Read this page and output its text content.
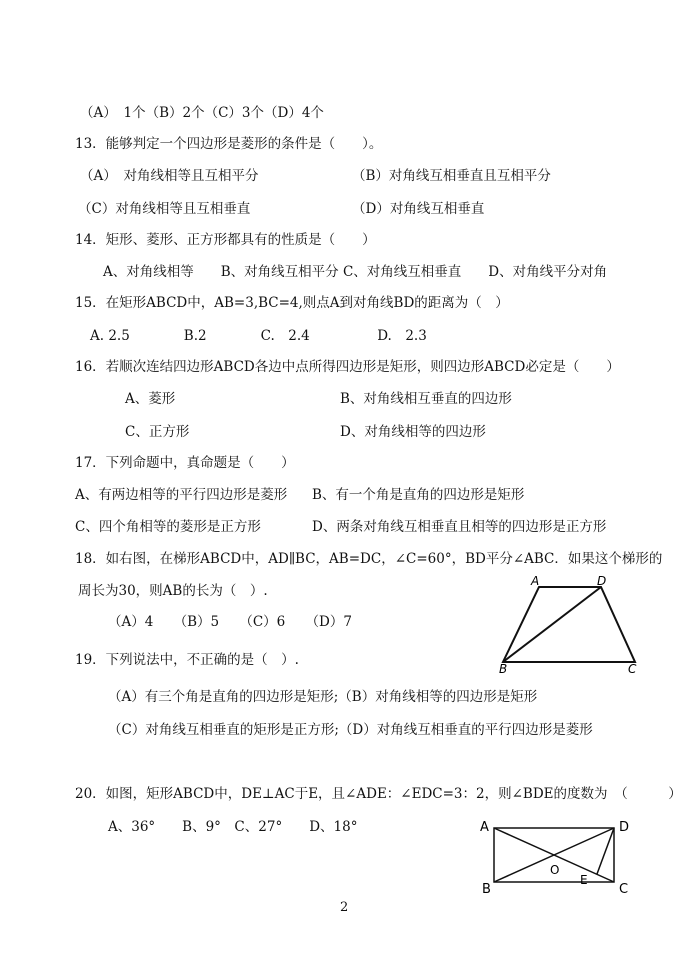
（A）　1个（B）2个（C）3个（D）4个
13．能够判定一个四边形是菱形的条件是（　　）。
（A）　对角线相等且互相平分	（B）对角线互相垂直且互相平分
（C）对角线相等且互相垂直	（D）对角线互相垂直
14．矩形、菱形、正方形都具有的性质是（　　）
A、对角线相等　　B、对角线互相平分 C、对角线互相垂直　　D、对角线平分对角
15．在矩形ABCD中，AB=3,BC=4,则点A到对角线BD的距离为（　）
A. 2.5　　　　B.2　　　　C.　2.4　　　　　D.　2.3
16．若顺次连结四边形ABCD各边中点所得四边形是矩形，则四边形ABCD必定是（　　）
A、菱形	B、对角线相互垂直的四边形
C、正方形	D、对角线相等的四边形
17．下列命题中，真命题是（　　）
A、有两边相等的平行四边形是菱形 B、有一个角是直角的四边形是矩形
C、四个角相等的菱形是正方形	D、两条对角线互相垂直且相等的四边形是正方形
18．如右图，在梯形ABCD中，AD∥BC，AB=DC，∠C=60°，BD平分∠ABC．如果这个梯形的
周长为30，则AB的长为（　）.
（A）4　　（B）5　　（C）6　　（D）7
A	D
B	C
19．下列说法中，不正确的是（　）.
（A）有三个角是直角的四边形是矩形;（B）对角线相等的四边形是矩形
（C）对角线互相垂直的矩形是正方形;（D）对角线互相垂直的平行四边形是菱形
20．如图，矩形ABCD中，DE⊥AC于E，且∠ADE：∠EDC=3：2，则∠BDE的度数为　（　　　）
A、36°　　B、9°　C、27°　　D、18°	A	D
B	C
O
E
2
